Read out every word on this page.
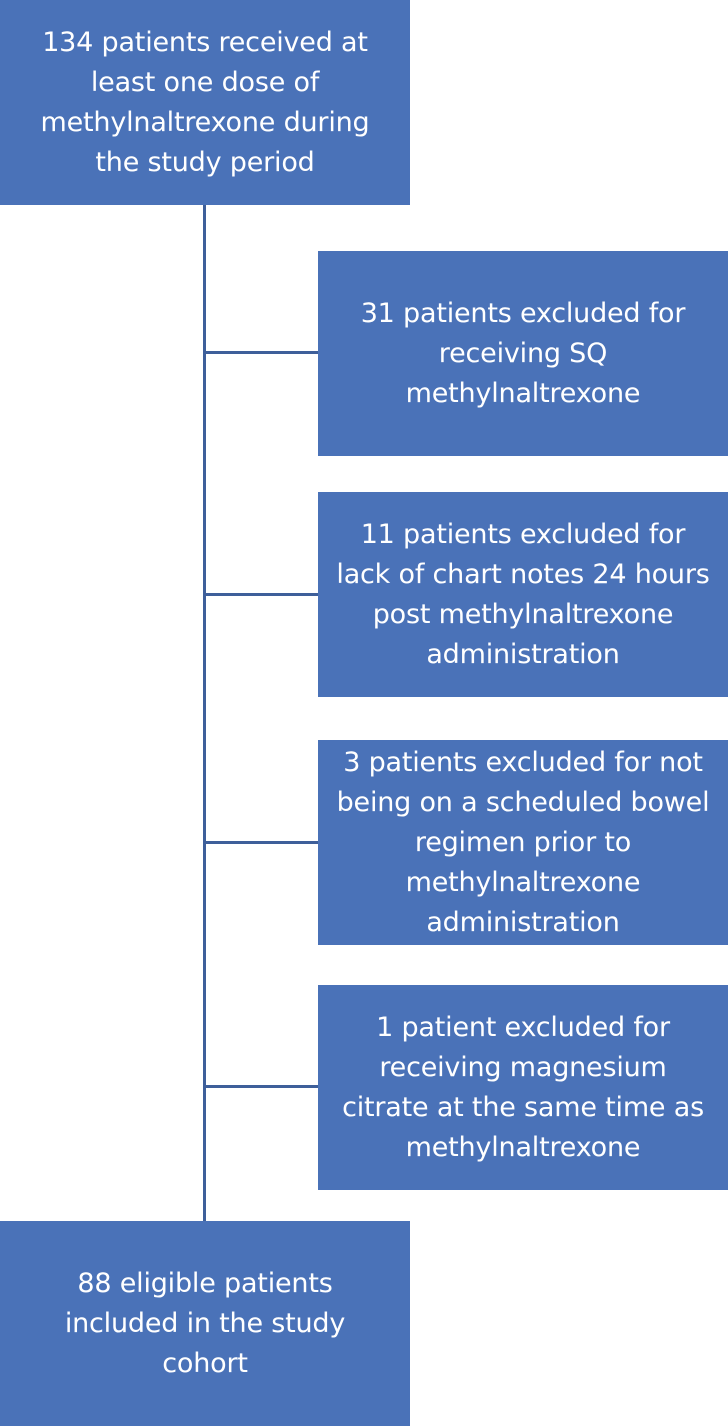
134 patients received at
least one dose of
methylnaltrexone during
the study period
31 patients excluded for
receiving SQ
methylnaltrexone
11 patients excluded for
lack of chart notes 24 hours
post methylnaltrexone
administration
3 patients excluded for not
being on a scheduled bowel
regimen prior to
methylnaltrexone
administration
1 patient excluded for
receiving magnesium
citrate at the same time as
methylnaltrexone
88 eligible patients
included in the study
cohort
